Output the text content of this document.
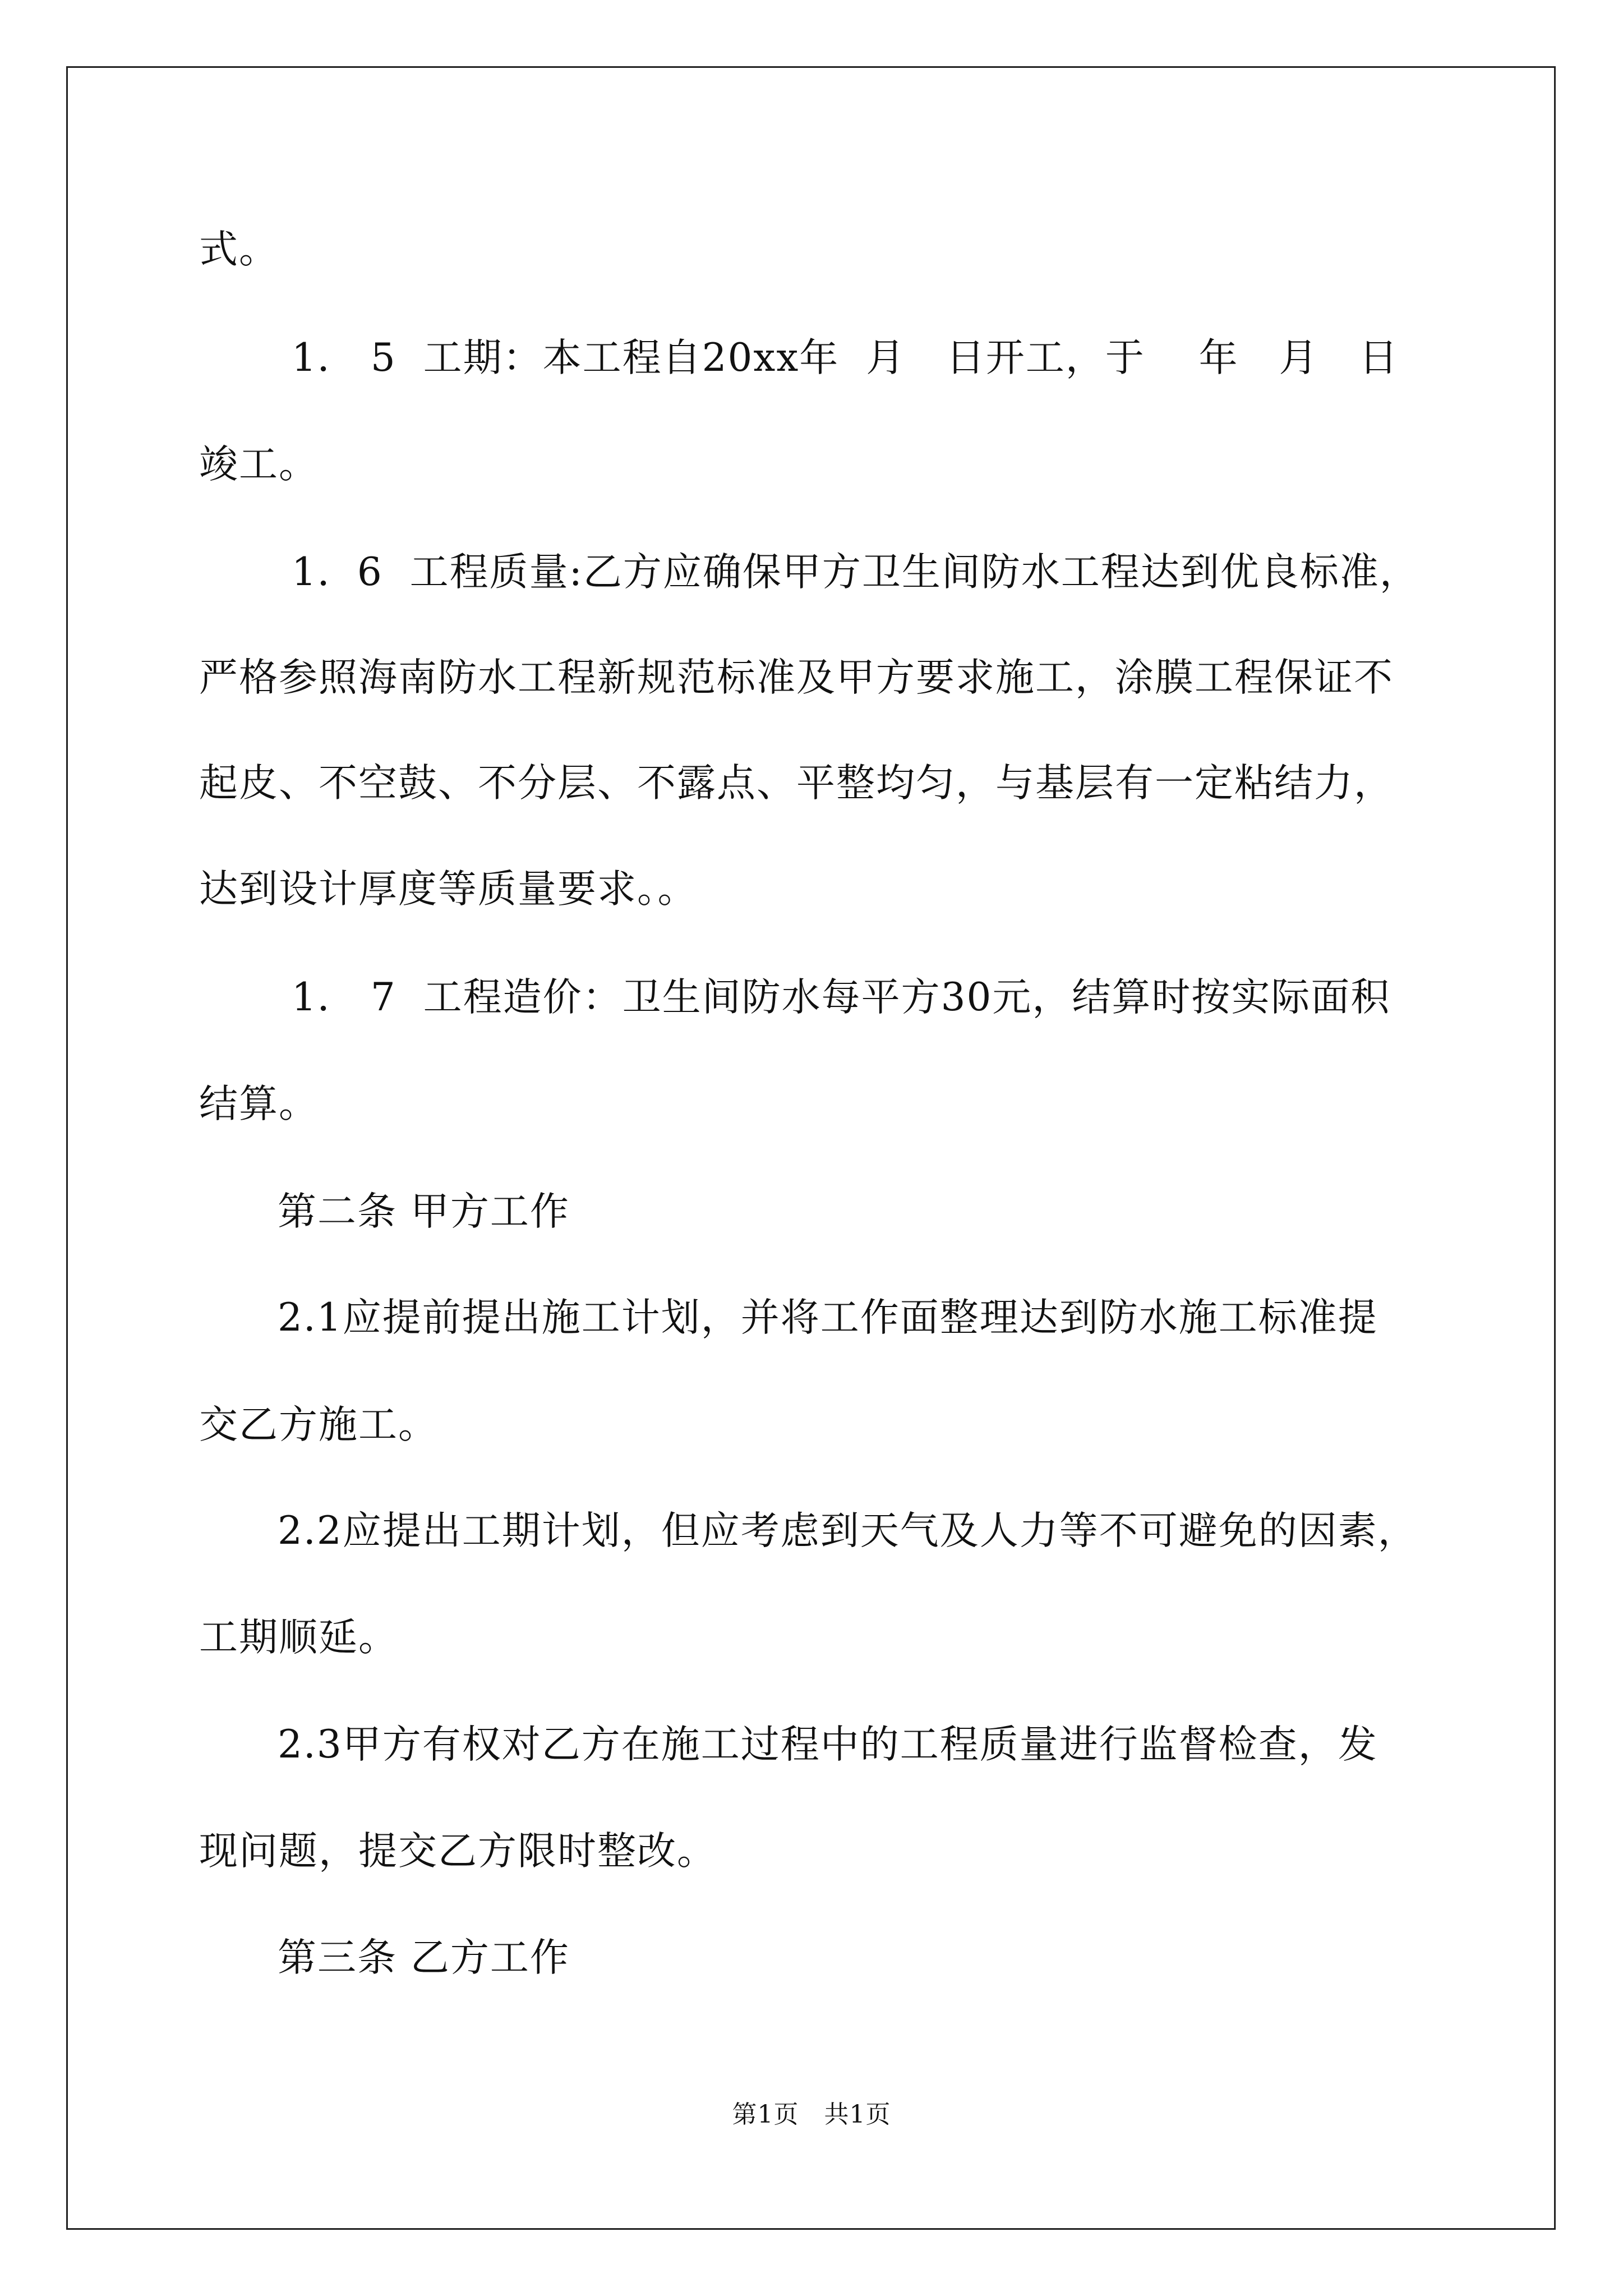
式。
1． 5  工期：本工程自20xx年  月   日开工，于    年   月   日
竣工。
1．6  工程质量:乙方应确保甲方卫生间防水工程达到优良标准，
严格参照海南防水工程新规范标准及甲方要求施工，涂膜工程保证不
起皮、不空鼓、不分层、不露点、平整均匀，与基层有一定粘结力，
达到设计厚度等质量要求。。
1． 7  工程造价：卫生间防水每平方30元，结算时按实际面积
结算。
第二条 甲方工作
2.1应提前提出施工计划，并将工作面整理达到防水施工标准提
交乙方施工。
2.2应提出工期计划，但应考虑到天气及人力等不可避免的因素，
工期顺延。
2.3甲方有权对乙方在施工过程中的工程质量进行监督检查，发
现问题，提交乙方限时整改。
第三条 乙方工作
第1页   共1页
